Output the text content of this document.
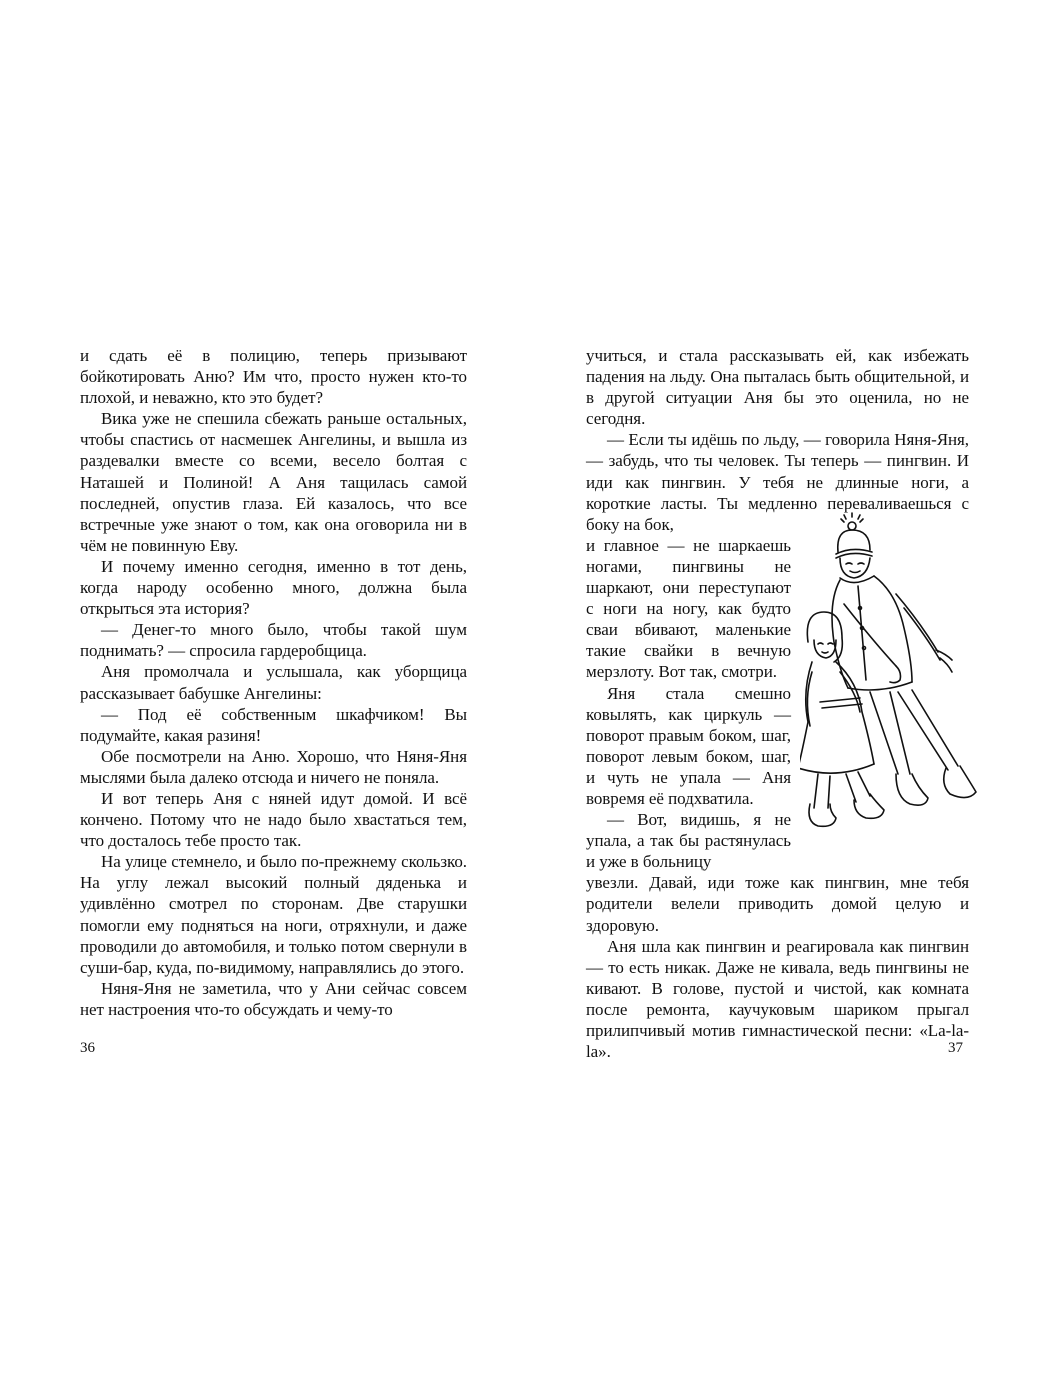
и сдать её в полицию, теперь призывают бойкотировать Аню? Им что, просто нужен кто-то плохой, и неважно, кто это будет?

Вика уже не спешила сбежать раньше остальных, чтобы спастись от насмешек Ангелины, и вышла из раздевалки вместе со всеми, весело болтая с Наташей и Полиной! А Аня тащилась самой последней, опустив глаза. Ей казалось, что все встречные уже знают о том, как она оговорила ни в чём не повинную Еву.

И почему именно сегодня, именно в тот день, когда народу особенно много, должна была открыться эта история?

— Денег-то много было, чтобы такой шум поднимать? — спросила гардеробщица.

Аня промолчала и услышала, как уборщица рассказывает бабушке Ангелины:

— Под её собственным шкафчиком! Вы подумайте, какая разиня!

Обе посмотрели на Аню. Хорошо, что Няня-Яня мыслями была далеко отсюда и ничего не поняла.

И вот теперь Аня с няней идут домой. И всё кончено. Потому что не надо было хвастаться тем, что досталось тебе просто так.

На улице стемнело, и было по-прежнему скользко. На углу лежал высокий полный дяденька и удивлённо смотрел по сторонам. Две старушки помогли ему подняться на ноги, отряхнули, и даже проводили до автомобиля, и только потом свернули в суши-бар, куда, по-видимому, направлялись до этого.

Няня-Яня не заметила, что у Ани сейчас совсем нет настроения что-то обсуждать и чему-то

36

учиться, и стала рассказывать ей, как избежать падения на льду. Она пыталась быть общительной, и в другой ситуации Аня бы это оценила, но не сегодня.

— Если ты идёшь по льду, — говорила Няня-Яня, — забудь, что ты человек. Ты теперь — пингвин. И иди как пингвин. У тебя не длинные ноги, а короткие ласты. Ты медленно переваливаешься с боку на бок,

и главное — не шаркаешь ногами, пингвины не шаркают, они переступают с ноги на ногу, как будто сваи вбивают, маленькие такие свайки в вечную мерзлоту. Вот так, смотри.

Яня стала смешно ковылять, как циркуль — поворот правым боком, шаг, поворот левым боком, шаг, и чуть не упала — Аня вовремя её подхватила.

— Вот, видишь, я не упала, а так бы растянулась и уже в больницу

увезли. Давай, иди тоже как пингвин, мне тебя родители велели приводить домой целую и здоровую.

Аня шла как пингвин и реагировала как пингвин — то есть никак. Даже не кивала, ведь пингвины не кивают. В голове, пустой и чистой, как комната после ремонта, каучуковым шариком прыгал прилипчивый мотив гимнастической песни: «La-la-la».	37
